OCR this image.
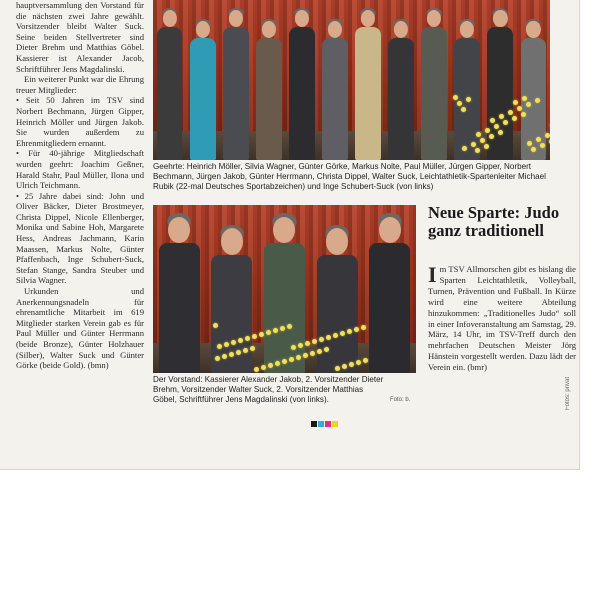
hauptversammlung den Vorstand für die nächsten zwei Jahre gewählt. Vorsitzender bleibt Walter Suck. Seine beiden Stellvertreter sind Dieter Brehm und Matthias Göbel. Kassierer ist Alexander Jacob, Schriftführer Jens Magdalinski.

Ein weiterer Punkt war die Ehrung treuer Mitglieder:

• Seit 50 Jahren im TSV sind Norbert Bechmann, Jürgen Gipper, Heinrich Möller und Jürgen Jakob. Sie wurden außerdem zu Ehrenmitgliedern ernannt.

• Für 40-jährige Mitgliedschaft wurden geehrt: Joachim Geßner, Harald Stahr, Paul Müller, Ilona und Ulrich Teichmann.

• 25 Jahre dabei sind: John und Oliver Bäcker, Dieter Brostmeyer, Christa Dippel, Nicole Ellenberger, Monika und Sabine Hoh, Margarete Hess, Andreas Jachmann, Karin Maassen, Markus Nolte, Günter Pfaffenbach, Inge Schubert-Suck, Stefan Stange, Sandra Steuber und Silvia Wagner.

Urkunden und Anerkennungsnadeln für ehrenamtliche Mitarbeit im 619 Mitglieder starken Verein gab es für Paul Müller und Günter Herrmann (beide Bronze), Günter Holzhauer (Silber), Walter Suck und Günter Görke (beide Gold). (bmn)

Geehrte: Heinrich Möller, Silvia Wagner, Günter Görke, Markus Nolte, Paul Müller, Jürgen Gipper, Norbert Bechmann, Jürgen Jakob, Günter Herrmann, Christa Dippel, Walter Suck, Leichtathletik-Spartenleiter Michael Rubik (22-mal Deutsches Sportabzeichen) und Inge Schubert-Suck (von links)
Der Vorstand: Kassierer Alexander Jakob, 2. Vorsitzender Dieter Brehm, Vorsitzender Walter Suck, 2. Vorsitzender Matthias Göbel, Schriftführer Jens Magdalinski (von links).	Foto: b.
Neue Sparte: Judo ganz traditionell
I m TSV Allmorschen gibt es bislang die Sparten Leichtathletik, Volleyball, Turnen, Prävention und Fußball. In Kürze wird eine weitere Abteilung hinzukommen: „Traditionelles Judo“ soll in einer Infoveranstaltung am Samstag, 29. März, 14 Uhr, im TSV-Treff durch den mehrfachen Deutschen Meister Jörg Hänstein vorgestellt werden. Dazu lädt der Verein ein. (bmr)
Fotos: privat
